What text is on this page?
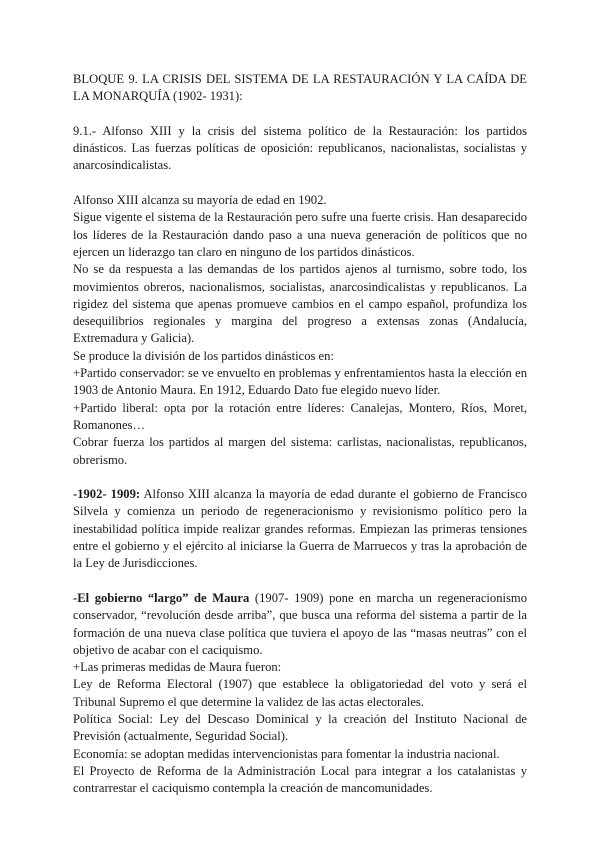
BLOQUE 9. LA CRISIS DEL SISTEMA DE LA RESTAURACIÓN Y LA CAÍDA DE LA MONARQUÍA (1902- 1931):

9.1.- Alfonso XIII y la crisis del sistema político de la Restauración: los partidos dinásticos. Las fuerzas políticas de oposición: republicanos, nacionalistas, socialistas y anarcosindicalistas.

Alfonso XIII alcanza su mayoría de edad en 1902.

Sigue vigente el sistema de la Restauración pero sufre una fuerte crisis. Han desaparecido los líderes de la Restauración dando paso a una nueva generación de políticos que no ejercen un liderazgo tan claro en ninguno de los partidos dinásticos.

No se da respuesta a las demandas de los partidos ajenos al turnismo, sobre todo, los movimientos obreros, nacionalismos, socialistas, anarcosindicalistas y republicanos. La rigidez del sistema que apenas promueve cambios en el campo español, profundiza los desequilibrios regionales y margina del progreso a extensas zonas (Andalucía, Extremadura y Galicia).

Se produce la división de los partidos dinásticos en:

+Partido conservador: se ve envuelto en problemas y enfrentamientos hasta la elección en 1903 de Antonio Maura. En 1912, Eduardo Dato fue elegido nuevo líder.

+Partido liberal: opta por la rotación entre líderes: Canalejas, Montero, Ríos, Moret, Romanones…

Cobrar fuerza los partidos al margen del sistema: carlistas, nacionalistas, republicanos, obrerismo.

-1902- 1909: Alfonso XIII alcanza la mayoría de edad durante el gobierno de Francisco Silvela y comienza un periodo de regeneracionismo y revisionismo político pero la inestabilidad política impide realizar grandes reformas. Empiezan las primeras tensiones entre el gobierno y el ejército al iniciarse la Guerra de Marruecos y tras la aprobación de la Ley de Jurisdicciones.

-El gobierno “largo” de Maura (1907- 1909) pone en marcha un regeneracionismo conservador, “revolución desde arriba”, que busca una reforma del sistema a partir de la formación de una nueva clase política que tuviera el apoyo de las “masas neutras” con el objetivo de acabar con el caciquismo.

+Las primeras medidas de Maura fueron:

Ley de Reforma Electoral (1907) que establece la obligatoriedad del voto y será el Tribunal Supremo el que determine la validez de las actas electorales.

Política Social: Ley del Descaso Dominical y la creación del Instituto Nacional de Previsión (actualmente, Seguridad Social).

Economía: se adoptan medidas intervencionistas para fomentar la industria nacional.

El Proyecto de Reforma de la Administración Local para integrar a los catalanistas y contrarrestar el caciquismo contempla la creación de mancomunidades.
